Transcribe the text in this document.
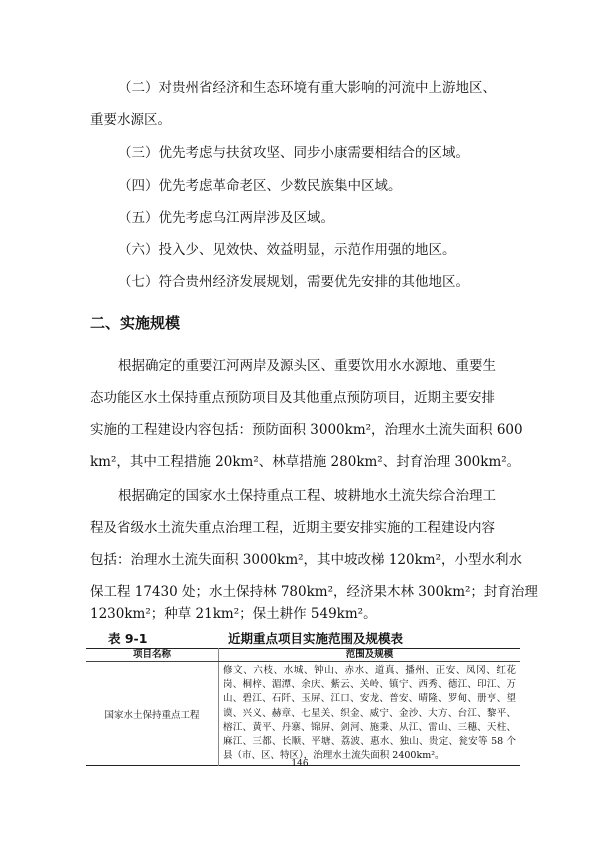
（二）对贵州省经济和生态环境有重大影响的河流中上游地区、
重要水源区。
（三）优先考虑与扶贫攻坚、同步小康需要相结合的区域。
（四）优先考虑革命老区、少数民族集中区域。
（五）优先考虑乌江两岸涉及区域。
（六）投入少、见效快、效益明显，示范作用强的地区。
（七）符合贵州经济发展规划，需要优先安排的其他地区。
二、实施规模
根据确定的重要江河两岸及源头区、重要饮用水水源地、重要生
态功能区水土保持重点预防项目及其他重点预防项目，近期主要安排
实施的工程建设内容包括：预防面积 3000km²，治理水土流失面积 600
km²，其中工程措施 20km²、林草措施 280km²、封育治理 300km²。
根据确定的国家水土保持重点工程、坡耕地水土流失综合治理工
程及省级水土流失重点治理工程，近期主要安排实施的工程建设内容
包括：治理水土流失面积 3000km²，其中坡改梯 120km²，小型水利水
保工程 17430 处；水土保持林 780km²，经济果木林 300km²；封育治理
1230km²；种草 21km²；保土耕作 549km²。
表 9-1	近期重点项目实施范围及规模表
项目名称	范围及规模
国家水土保持重点工程	修文、六枝、水城、钟山、赤水、道真、播州、正安、凤冈、红花岗、桐梓、湄潭、余庆、紫云、关岭、镇宁、西秀、德江、印江、万山、碧江、石阡、玉屏、江口、安龙、普安、晴隆、罗甸、册亨、望谟、兴义、赫章、七星关、织金、威宁、金沙、大方、台江、黎平、榕江、黄平、丹寨、锦屏、剑河、施秉、从江、雷山、三穗、天柱、麻江、三都、长顺、平塘、荔波、惠水、独山、贵定、瓮安等 58 个县（市、区、特区），治理水土流失面积 2400km²。
146
